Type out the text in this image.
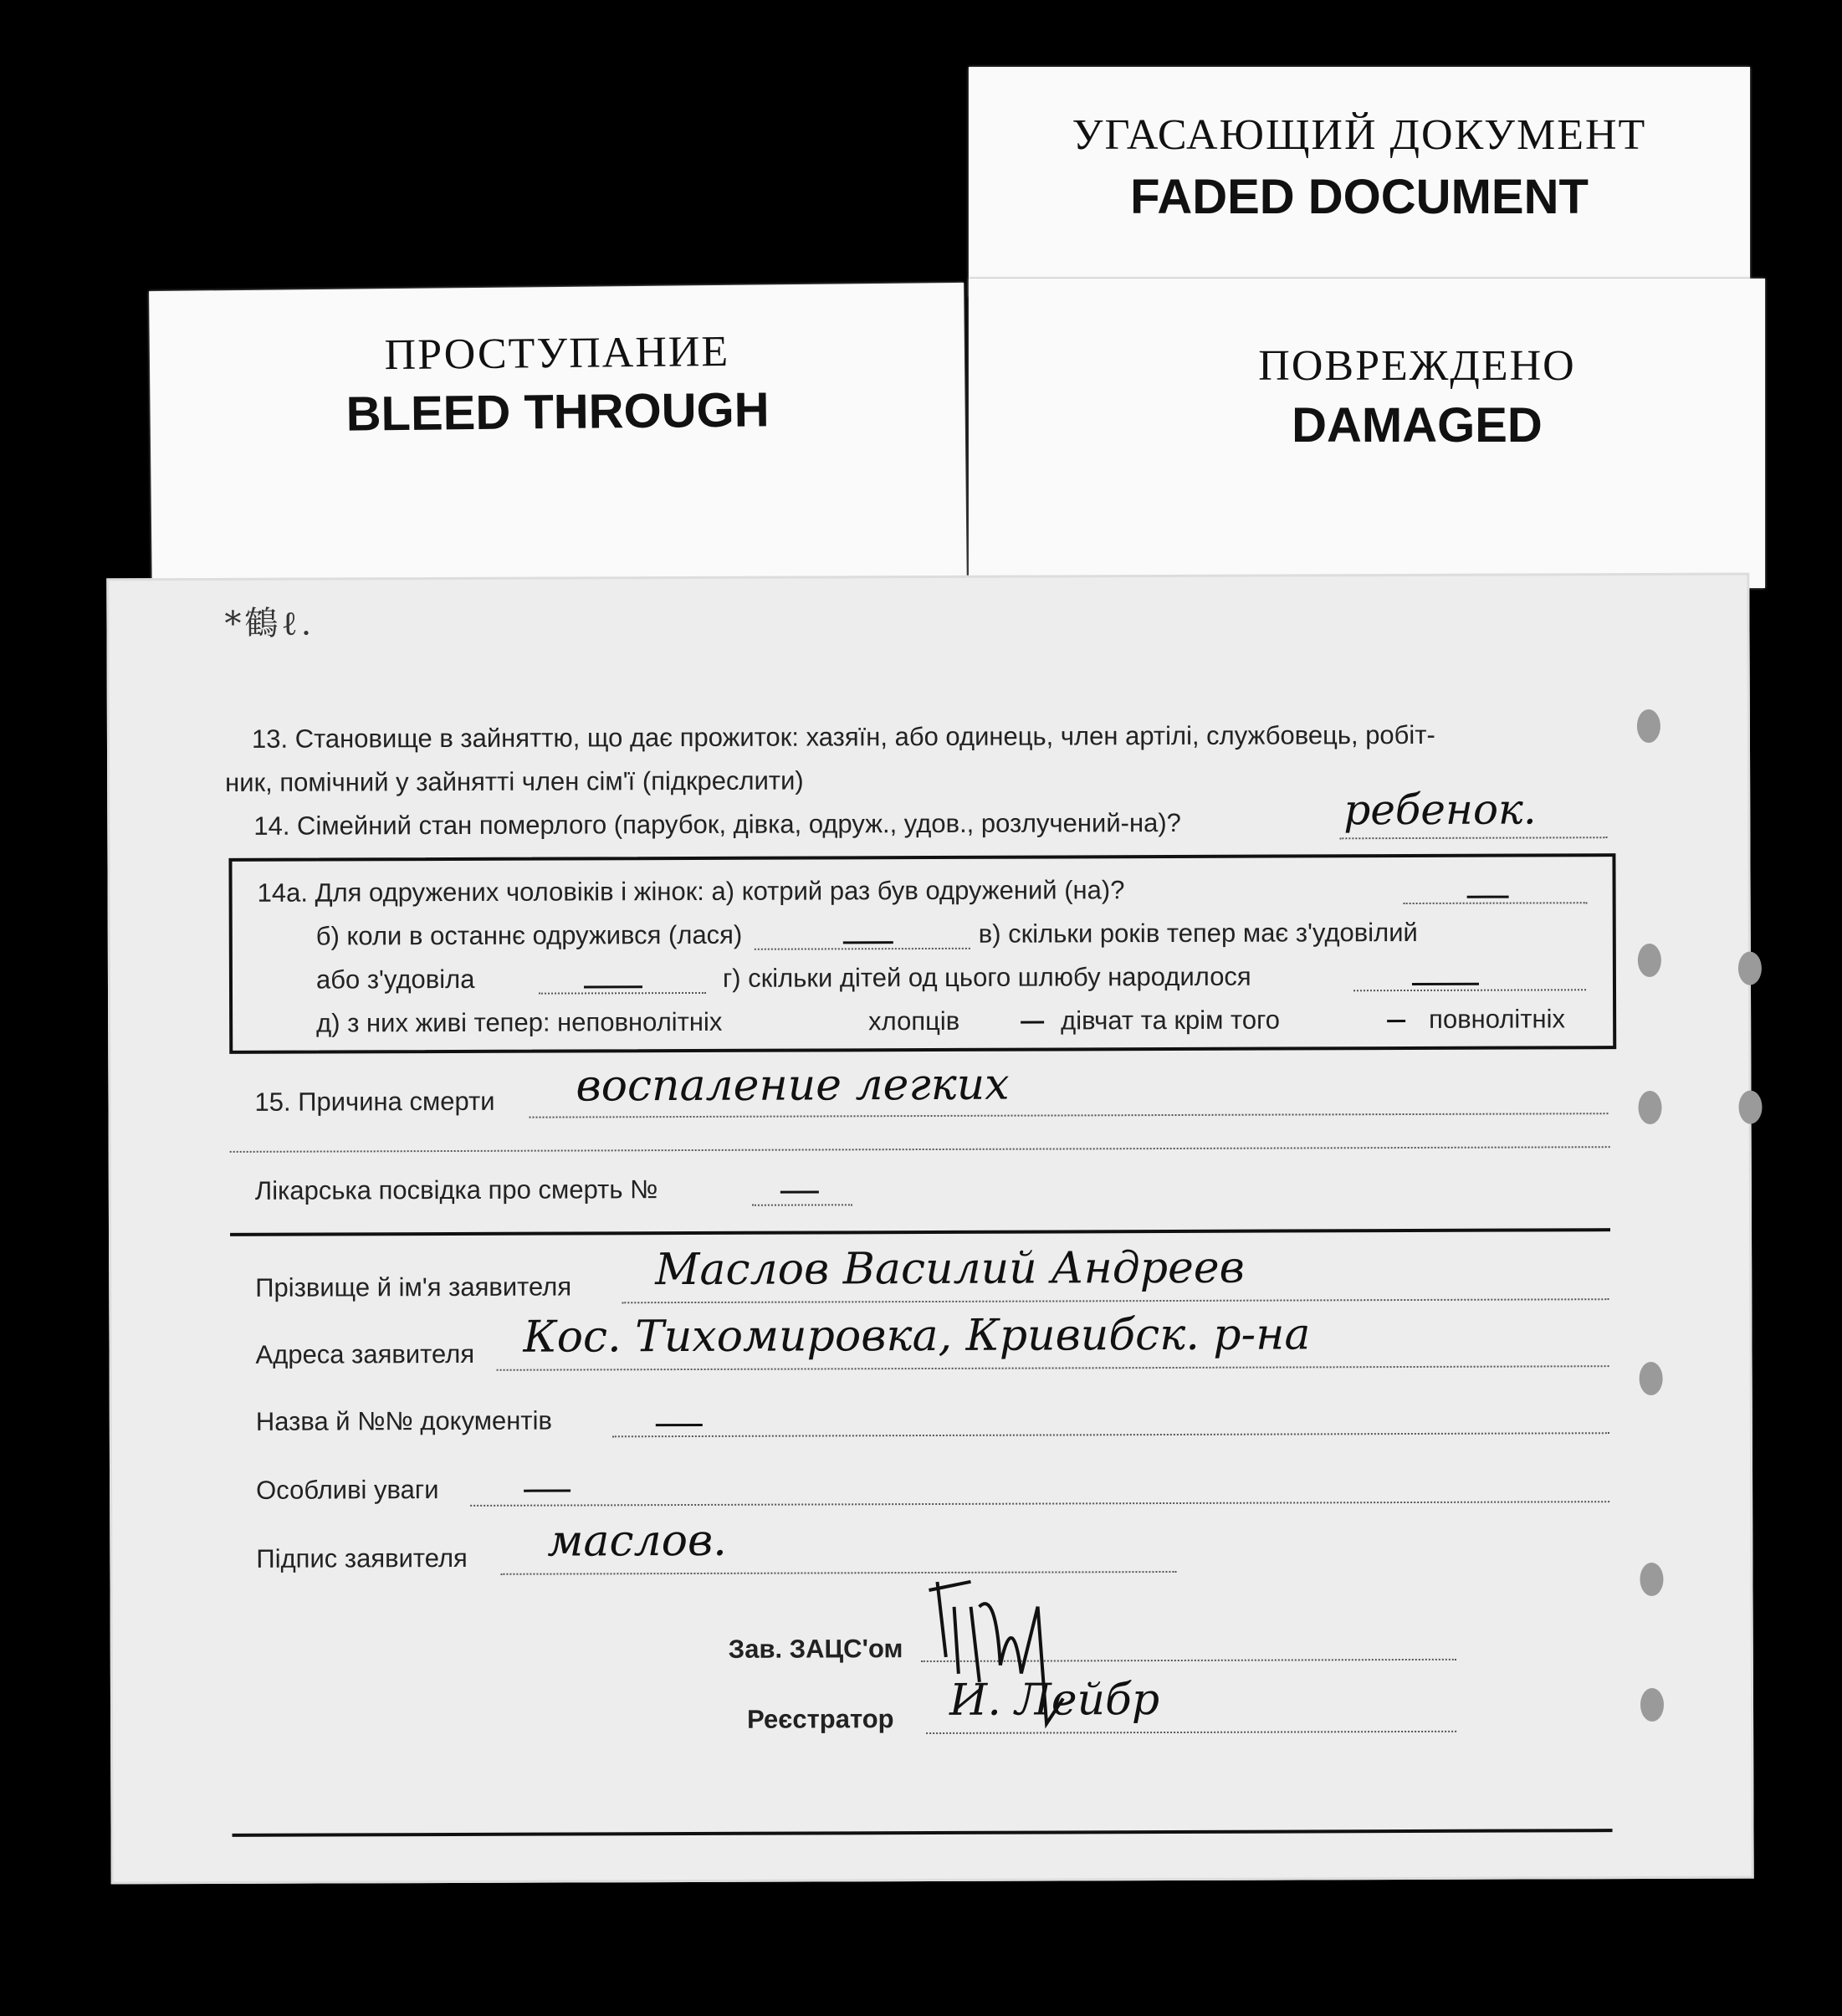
УГАСАЮЩИЙ ДОКУМЕНТ
FADED DOCUMENT
ПРОСТУПАНИЕ
BLEED THROUGH
ПОВРЕЖДЕНО
DAMAGED
*鶴ℓ.
13. Становище в зайняттю, що дає прожиток: хазяїн, або одинець, член артілі, службовець, робіт-
ник, помічний у зайнятті член сім'ї (підкреслити)
14. Сімейний стан померлого (парубок, дівка, одруж., удов., розлучений-на)?	ребенок.
14а. Для одружених чоловіків і жінок: а) котрий раз був одружений (на)?
б) коли в останнє одружився (лася)	в) скільки років тепер має з'удовілий
або з'удовіла	г) скільки дітей од цього шлюбу народилося
д) з них живі тепер: неповнолітніх	хлопців	дівчат та крім того	повнолітніх
15. Причина смерти воспаление легких
Лікарська посвідка про смерть №
Прізвище й ім'я заявителя Маслов Василий Андреев
Адреса заявителя Кос. Тихомировка, Кривибск. р-на
Назва й №№ документів
Особливі уваги
Підпис заявителя маслов.
Зав. ЗАЦС'ом
Реєстратор И. Лейбр
